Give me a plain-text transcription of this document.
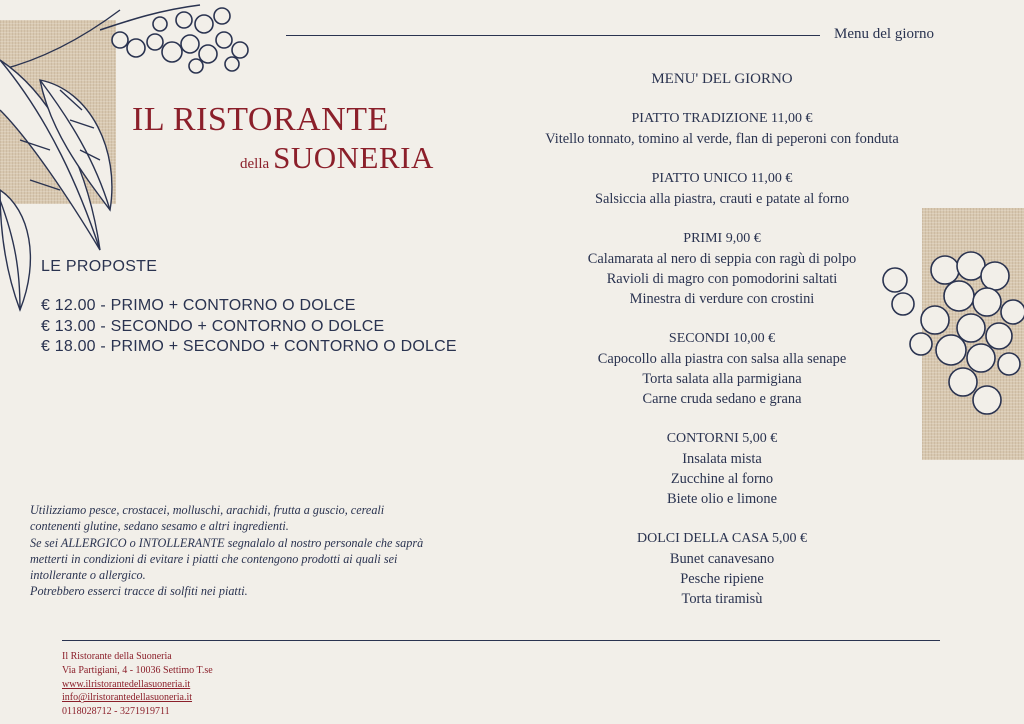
Menu del giorno
IL RISTORANTE
della SUONERIA
LE PROPOSTE
€ 12.00 - PRIMO + CONTORNO O DOLCE
€ 13.00 - SECONDO + CONTORNO O DOLCE
€ 18.00 - PRIMO + SECONDO + CONTORNO O DOLCE
Utilizziamo pesce, crostacei, molluschi, arachidi, frutta a guscio, cereali
contenenti glutine, sedano sesamo e altri ingredienti.
Se sei ALLERGICO o INTOLLERANTE segnalalo al nostro personale che saprà
metterti in condizioni di evitare i piatti che contengono prodotti ai quali sei
intollerante o allergico.
Potrebbero esserci tracce di solfiti nei piatti.
MENU' DEL GIORNO
PIATTO TRADIZIONE 11,00 €
Vitello tonnato, tomino al verde, flan di peperoni con fonduta
PIATTO UNICO 11,00 €
Salsiccia alla piastra, crauti e patate al forno
PRIMI 9,00 €
Calamarata al nero di seppia con ragù di polpo
Ravioli di magro con pomodorini saltati
Minestra di verdure con crostini
SECONDI 10,00 €
Capocollo alla piastra con salsa alla senape
Torta salata alla parmigiana
Carne cruda sedano e grana
CONTORNI 5,00 €
Insalata mista
Zucchine al forno
Biete olio e limone
DOLCI DELLA CASA 5,00 €
Bunet canavesano
Pesche ripiene
Torta tiramisù
Il Ristorante della Suoneria
Via Partigiani, 4 - 10036 Settimo T.se
www.ilristorantedellasuoneria.it
info@ilristorantedellasuoneria.it
0118028712 - 3271919711
